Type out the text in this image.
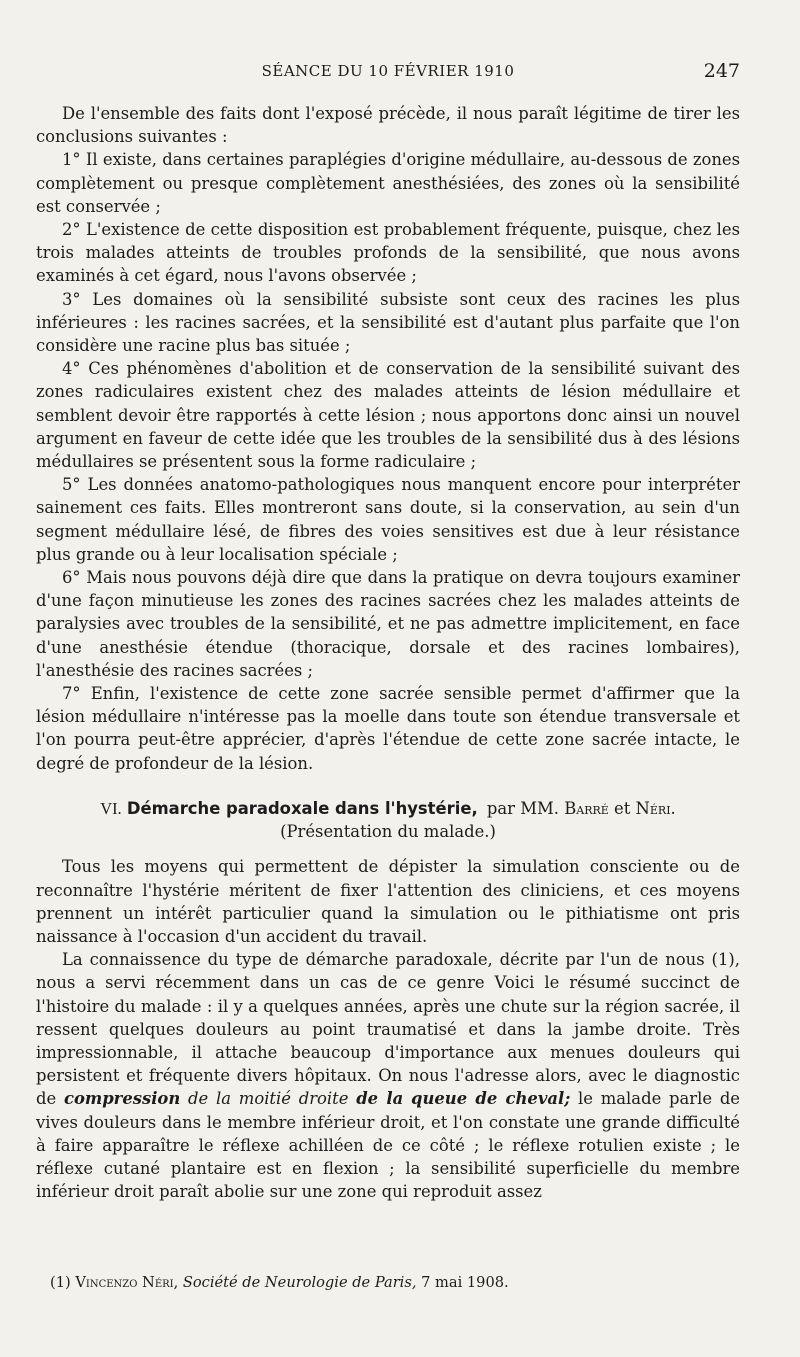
SÉANCE DU 10 FÉVRIER 1910	247

De l'ensemble des faits dont l'exposé précède, il nous paraît légitime de tirer les conclusions suivantes :

1° Il existe, dans certaines paraplégies d'origine médullaire, au-dessous de zones complètement ou presque complètement anesthésiées, des zones où la sensibilité est conservée ;

2° L'existence de cette disposition est probablement fréquente, puisque, chez les trois malades atteints de troubles profonds de la sensibilité, que nous avons examinés à cet égard, nous l'avons observée ;

3° Les domaines où la sensibilité subsiste sont ceux des racines les plus inférieures : les racines sacrées, et la sensibilité est d'autant plus parfaite que l'on considère une racine plus bas située ;

4° Ces phénomènes d'abolition et de conservation de la sensibilité suivant des zones radiculaires existent chez des malades atteints de lésion médullaire et semblent devoir être rapportés à cette lésion ; nous apportons donc ainsi un nouvel argument en faveur de cette idée que les troubles de la sensibilité dus à des lésions médullaires se présentent sous la forme radiculaire ;

5° Les données anatomo-pathologiques nous manquent encore pour interpréter sainement ces faits. Elles montreront sans doute, si la conservation, au sein d'un segment médullaire lésé, de fibres des voies sensitives est due à leur résistance plus grande ou à leur localisation spéciale ;

6° Mais nous pouvons déjà dire que dans la pratique on devra toujours examiner d'une façon minutieuse les zones des racines sacrées chez les malades atteints de paralysies avec troubles de la sensibilité, et ne pas admettre implicitement, en face d'une anesthésie étendue (thoracique, dorsale et des racines lombaires), l'anesthésie des racines sacrées ;

7° Enfin, l'existence de cette zone sacrée sensible permet d'affirmer que la lésion médullaire n'intéresse pas la moelle dans toute son étendue transversale et l'on pourra peut-être apprécier, d'après l'étendue de cette zone sacrée intacte, le degré de profondeur de la lésion.

VI. Démarche paradoxale dans l'hystérie, par MM. Barré et Néri.
(Présentation du malade.)

Tous les moyens qui permettent de dépister la simulation consciente ou de reconnaître l'hystérie méritent de fixer l'attention des cliniciens, et ces moyens prennent un intérêt particulier quand la simulation ou le pithiatisme ont pris naissance à l'occasion d'un accident du travail.

La connaissence du type de démarche paradoxale, décrite par l'un de nous (1), nous a servi récemment dans un cas de ce genre Voici le résumé succinct de l'histoire du malade : il y a quelques années, après une chute sur la région sacrée, il ressent quelques douleurs au point traumatisé et dans la jambe droite. Très impressionnable, il attache beaucoup d'importance aux menues douleurs qui persistent et fréquente divers hôpitaux. On nous l'adresse alors, avec le diagnostic de compression de la moitié droite de la queue de cheval; le malade parle de vives douleurs dans le membre inférieur droit, et l'on constate une grande difficulté à faire apparaître le réflexe achilléen de ce côté ; le réflexe rotulien existe ; le réflexe cutané plantaire est en flexion ; la sensibilité superficielle du membre inférieur droit paraît abolie sur une zone qui reproduit assez

(1) Vincenzo Néri, Société de Neurologie de Paris, 7 mai 1908.
